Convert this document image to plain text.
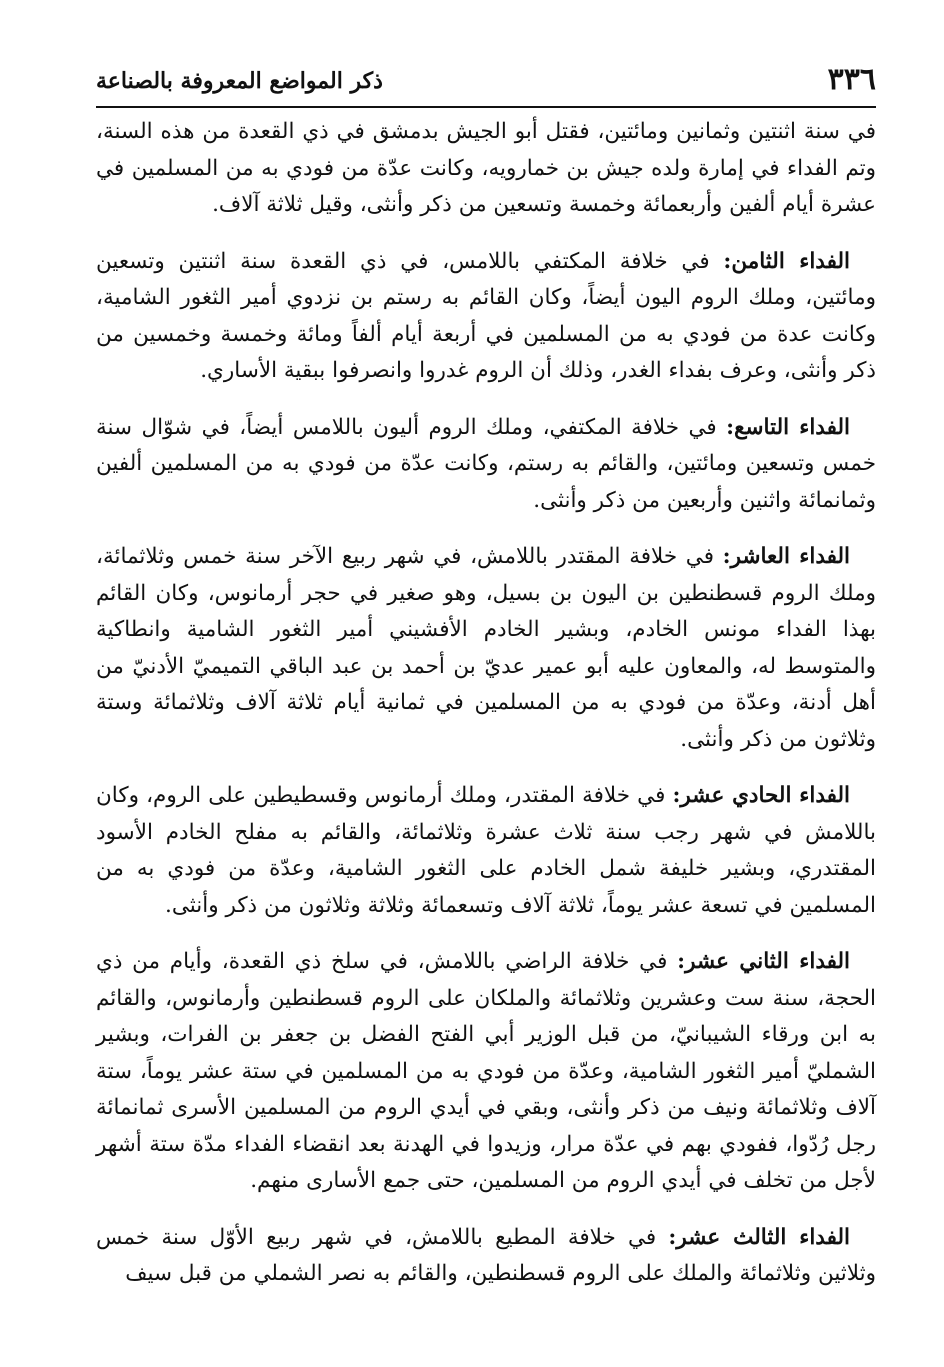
٣٣٦
ذكر المواضع المعروفة بالصناعة

في سنة اثنتين وثمانين ومائتين، فقتل أبو الجيش بدمشق في ذي القعدة من هذه السنة، وتم الفداء في إمارة ولده جيش بن خمارويه، وكانت عدّة من فودي به من المسلمين في عشرة أيام ألفين وأربعمائة وخمسة وتسعين من ذكر وأنثى، وقيل ثلاثة آلاف.

الفداء الثامن: في خلافة المكتفي باللامس، في ذي القعدة سنة اثنتين وتسعين ومائتين، وملك الروم اليون أيضاً، وكان القائم به رستم بن نزدوي أمير الثغور الشامية، وكانت عدة من فودي به من المسلمين في أربعة أيام ألفاً ومائة وخمسة وخمسين من ذكر وأنثى، وعرف بفداء الغدر، وذلك أن الروم غدروا وانصرفوا ببقية الأساري.

الفداء التاسع: في خلافة المكتفي، وملك الروم أليون باللامس أيضاً، في شوّال سنة خمس وتسعين ومائتين، والقائم به رستم، وكانت عدّة من فودي به من المسلمين ألفين وثمانمائة واثنين وأربعين من ذكر وأنثى.

الفداء العاشر: في خلافة المقتدر باللامش، في شهر ربيع الآخر سنة خمس وثلاثمائة، وملك الروم قسطنطين بن اليون بن بسيل، وهو صغير في حجر أرمانوس، وكان القائم بهذا الفداء مونس الخادم، وبشير الخادم الأفشيني أمير الثغور الشامية وانطاكية والمتوسط له، والمعاون عليه أبو عمير عديّ بن أحمد بن عبد الباقي التميميّ الأدنيّ من أهل أدنة، وعدّة من فودي به من المسلمين في ثمانية أيام ثلاثة آلاف وثلاثمائة وستة وثلاثون من ذكر وأنثى.

الفداء الحادي عشر: في خلافة المقتدر، وملك أرمانوس وقسطيطين على الروم، وكان باللامش في شهر رجب سنة ثلاث عشرة وثلاثمائة، والقائم به مفلح الخادم الأسود المقتدري، وبشير خليفة شمل الخادم على الثغور الشامية، وعدّة من فودي به من المسلمين في تسعة عشر يوماً، ثلاثة آلاف وتسعمائة وثلاثة وثلاثون من ذكر وأنثى.

الفداء الثاني عشر: في خلافة الراضي باللامش، في سلخ ذي القعدة، وأيام من ذي الحجة، سنة ست وعشرين وثلاثمائة والملكان على الروم قسطنطين وأرمانوس، والقائم به ابن ورقاء الشيبانيّ، من قبل الوزير أبي الفتح الفضل بن جعفر بن الفرات، وبشير الشمليّ أمير الثغور الشامية، وعدّة من فودي به من المسلمين في ستة عشر يوماً، ستة آلاف وثلاثمائة ونيف من ذكر وأنثى، وبقي في أيدي الروم من المسلمين الأسرى ثمانمائة رجل رُدّوا، ففودي بهم في عدّة مرار، وزيدوا في الهدنة بعد انقضاء الفداء مدّة ستة أشهر لأجل من تخلف في أيدي الروم من المسلمين، حتى جمع الأسارى منهم.

الفداء الثالث عشر: في خلافة المطيع باللامش، في شهر ربيع الأوّل سنة خمس وثلاثين وثلاثمائة والملك على الروم قسطنطين، والقائم به نصر الشملي من قبل سيف
